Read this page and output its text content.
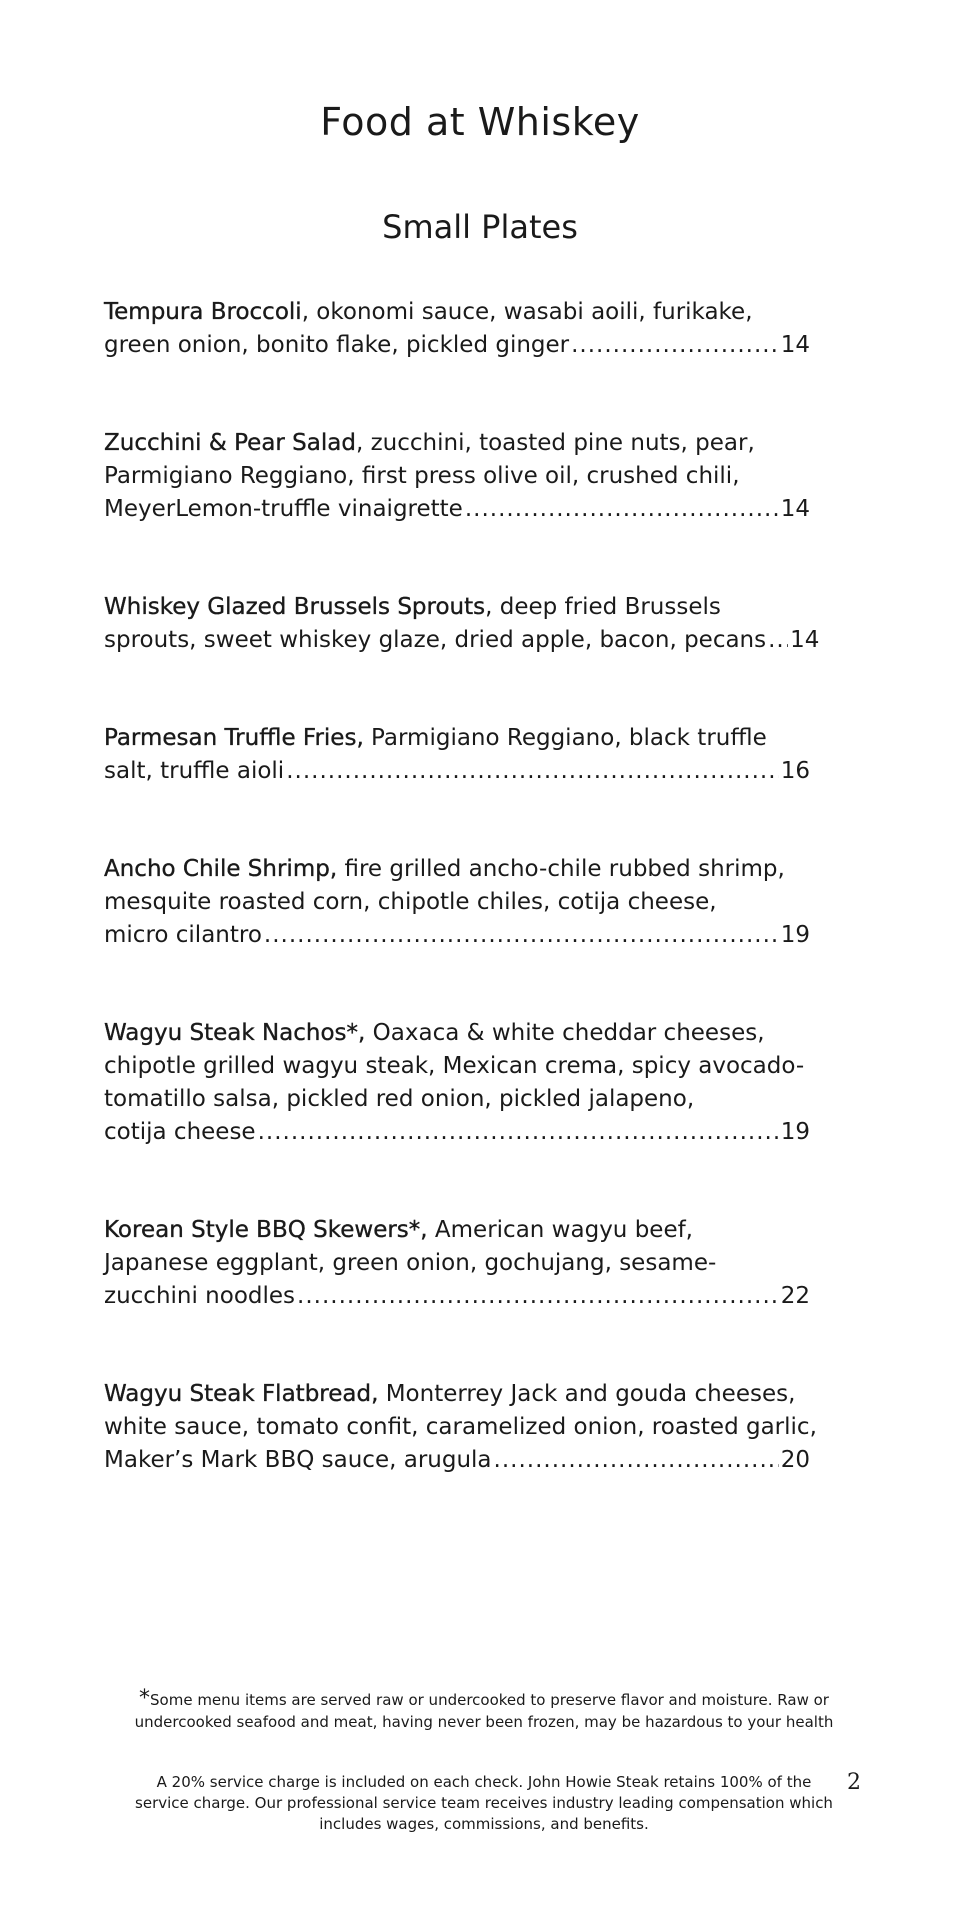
Food at Whiskey
Small Plates
Tempura Broccoli, okonomi sauce, wasabi aoili, furikake,
green onion, bonito flake, pickled ginger .....	14
Zucchini & Pear Salad, zucchini, toasted pine nuts, pear,
Parmigiano Reggiano, first press olive oil, crushed chili,
MeyerLemon-truffle vinaigrette .....	14
Whiskey Glazed Brussels Sprouts, deep fried Brussels
sprouts, sweet whiskey glaze, dried apple, bacon, pecans ..... 14
Parmesan Truffle Fries, Parmigiano Reggiano, black truffle
salt, truffle aioli .....	16
Ancho Chile Shrimp, fire grilled ancho-chile rubbed shrimp,
mesquite roasted corn, chipotle chiles, cotija cheese,
micro cilantro .....	19
Wagyu Steak Nachos*, Oaxaca & white cheddar cheeses,
chipotle grilled wagyu steak, Mexican crema, spicy avocado-
tomatillo salsa, pickled red onion, pickled jalapeno,
cotija cheese .....	19
Korean Style BBQ Skewers*, American wagyu beef,
Japanese eggplant, green onion, gochujang, sesame-
zucchini noodles .....	22
Wagyu Steak Flatbread, Monterrey Jack and gouda cheeses,
white sauce, tomato confit, caramelized onion, roasted garlic,
Maker’s Mark BBQ sauce, arugula .....	20
*Some menu items are served raw or undercooked to preserve flavor and moisture. Raw or
undercooked seafood and meat, having never been frozen, may be hazardous to your health
A 20% service charge is included on each check. John Howie Steak retains 100% of the
service charge. Our professional service team receives industry leading compensation which
includes wages, commissions, and benefits.
2
